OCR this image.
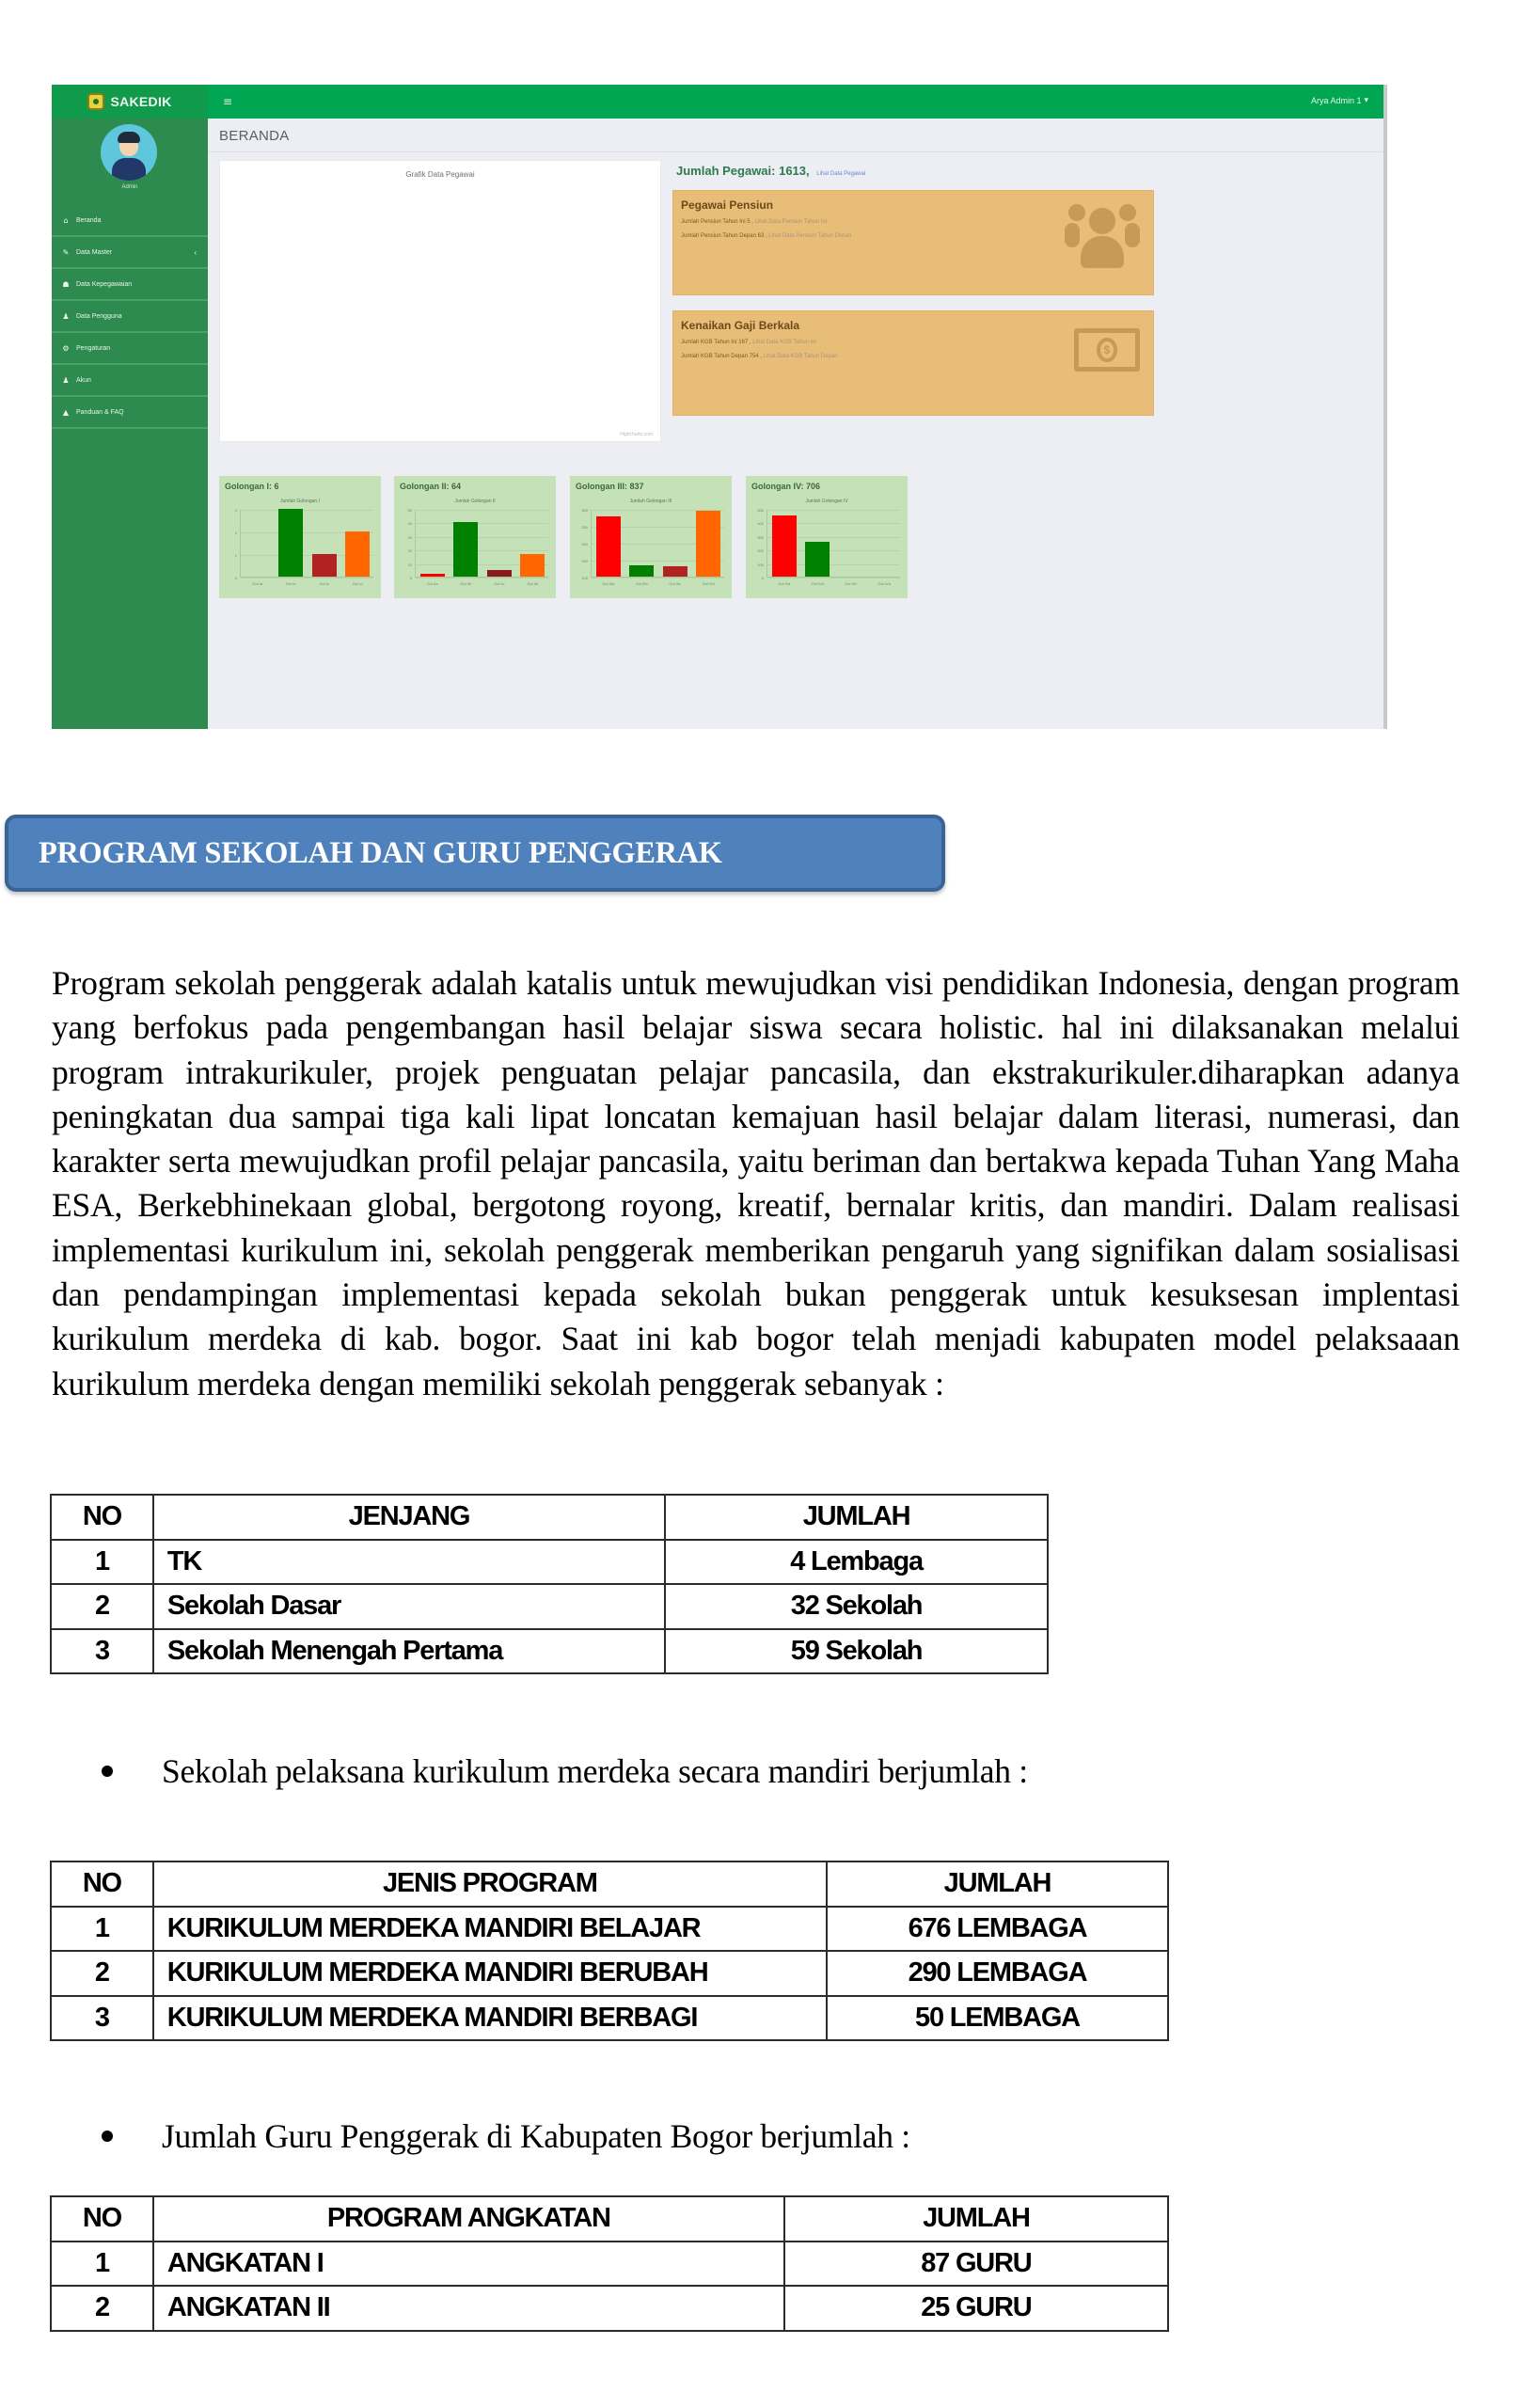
SAKEDIK	≡	Arya Admin 1 ▾
Admin
⌂	Beranda
✎ Data Master	‹
☗ Data Kepegawaian
♟ Data Pengguna
⚙ Pengaturan
♟ Akun
▲ Panduan & FAQ
BERANDA
Grafik Data Pegawai
Highcharts.com
Jumlah Pegawai: 1613, Lihat Data Pegawai
Pegawai Pensiun
Jumlah Pensiun Tahun Ini 5 , Lihat Data Pensiun Tahun Ini
Jumlah Pensiun Tahun Depan 63 , Lihat Data Pensiun Tahun Depan
Kenaikan Gaji Berkala
Jumlah KGB Tahun Ini 167 , Lihat Data KGB Tahun Ini
Jumlah KGB Tahun Depan 754 , Lihat Data KGB Tahun Depan	$
Golongan I: 6
Jumlah Golongan I
0
1
2
3
Gol Ia	Gol Ib	Gol Ic	Gol Id
Golongan II: 64
Jumlah Golongan II
0
10
20
30
40
50
Gol IIa	Gol IIb	Gol IIc	Gol IId
Golongan III: 837
Jumlah Golongan III
100
150
200
250
300
Gol IIIa	Gol IIIb	Gol IIIc	Gol IIId
Golongan IV: 706
Jumlah Golongan IV
0
100
200
300
400
500
Gol IVa	Gol IVb	Gol IVc	Gol IVd
PROGRAM SEKOLAH DAN GURU PENGGERAK

Program sekolah penggerak adalah katalis untuk mewujudkan visi pendidikan Indonesia, dengan program yang berfokus pada pengembangan hasil belajar siswa secara holistic. hal ini dilaksanakan melalui program intrakurikuler, projek penguatan pelajar pancasila, dan ekstrakurikuler.diharapkan adanya peningkatan dua sampai tiga kali lipat loncatan kemajuan hasil belajar dalam literasi, numerasi, dan karakter serta mewujudkan profil pelajar pancasila, yaitu beriman dan bertakwa kepada Tuhan Yang Maha ESA, Berkebhinekaan global, bergotong royong, kreatif, bernalar kritis, dan mandiri. Dalam realisasi implementasi kurikulum ini, sekolah penggerak memberikan pengaruh yang signifikan dalam sosialisasi dan pendampingan implementasi kepada sekolah bukan penggerak untuk kesuksesan implentasi kurikulum merdeka di kab. bogor. Saat ini kab bogor telah menjadi kabupaten model pelaksaaan kurikulum merdeka dengan memiliki sekolah penggerak sebanyak :

NO	JENJANG	JUMLAH
1	TK	4 Lembaga
2	Sekolah Dasar	32 Sekolah
3	Sekolah Menengah Pertama	59 Sekolah
Sekolah pelaksana kurikulum merdeka secara mandiri berjumlah :
NO	JENIS PROGRAM	JUMLAH
1	KURIKULUM MERDEKA MANDIRI BELAJAR	676 LEMBAGA
2	KURIKULUM MERDEKA MANDIRI BERUBAH	290 LEMBAGA
3	KURIKULUM MERDEKA MANDIRI BERBAGI	50 LEMBAGA
Jumlah Guru Penggerak di Kabupaten Bogor berjumlah :
NO	PROGRAM ANGKATAN	JUMLAH
1	ANGKATAN I	87 GURU
2	ANGKATAN II	25 GURU
